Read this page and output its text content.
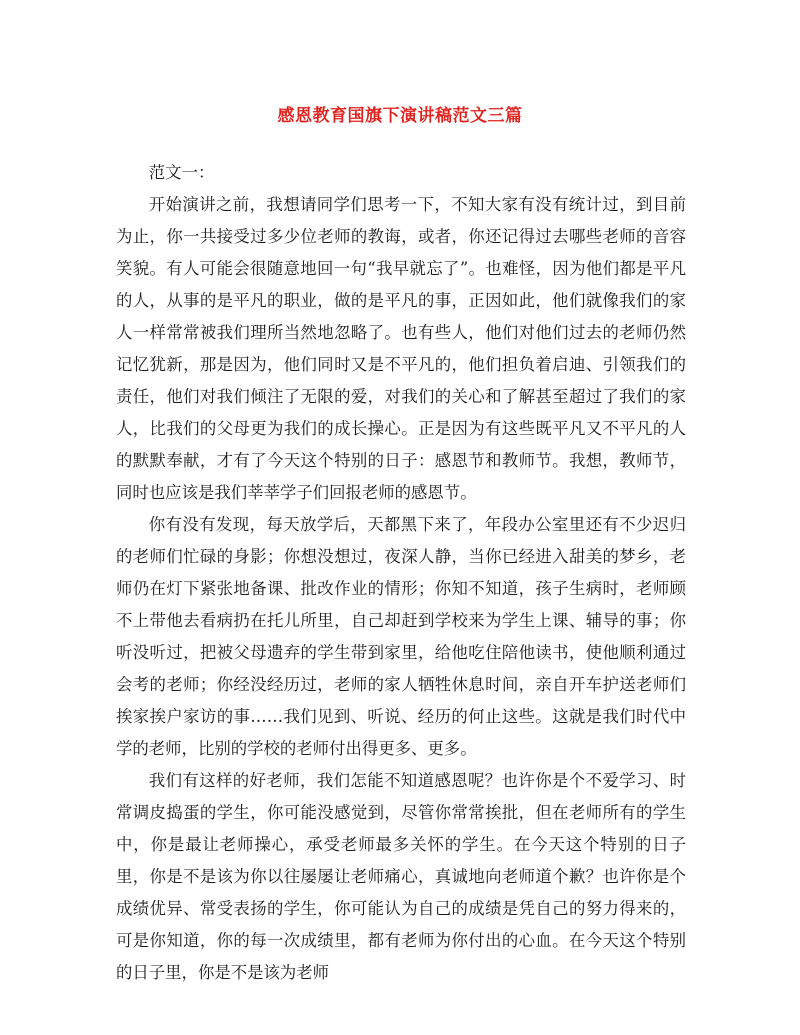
感恩教育国旗下演讲稿范文三篇

范文一：

开始演讲之前，我想请同学们思考一下，不知大家有没有统计过，到目前为止，你一共接受过多少位老师的教诲，或者，你还记得过去哪些老师的音容笑貌。有人可能会很随意地回一句“我早就忘了”。也难怪，因为他们都是平凡的人，从事的是平凡的职业，做的是平凡的事，正因如此，他们就像我们的家人一样常常被我们理所当然地忽略了。也有些人，他们对他们过去的老师仍然记忆犹新，那是因为，他们同时又是不平凡的，他们担负着启迪、引领我们的责任，他们对我们倾注了无限的爱，对我们的关心和了解甚至超过了我们的家人，比我们的父母更为我们的成长操心。正是因为有这些既平凡又不平凡的人的默默奉献，才有了今天这个特别的日子：感恩节和教师节。我想，教师节，同时也应该是我们莘莘学子们回报老师的感恩节。

你有没有发现，每天放学后，天都黑下来了，年段办公室里还有不少迟归的老师们忙碌的身影；你想没想过，夜深人静，当你已经进入甜美的梦乡，老师仍在灯下紧张地备课、批改作业的情形；你知不知道，孩子生病时，老师顾不上带他去看病扔在托儿所里，自己却赶到学校来为学生上课、辅导的事；你听没听过，把被父母遗弃的学生带到家里，给他吃住陪他读书，使他顺利通过会考的老师；你经没经历过，老师的家人牺牲休息时间，亲自开车护送老师们挨家挨户家访的事……我们见到、听说、经历的何止这些。这就是我们时代中学的老师，比别的学校的老师付出得更多、更多。

我们有这样的好老师，我们怎能不知道感恩呢？也许你是个不爱学习、时常调皮捣蛋的学生，你可能没感觉到，尽管你常常挨批，但在老师所有的学生中，你是最让老师操心，承受老师最多关怀的学生。在今天这个特别的日子里，你是不是该为你以往屡屡让老师痛心，真诚地向老师道个歉？也许你是个成绩优异、常受表扬的学生，你可能认为自己的成绩是凭自己的努力得来的，可是你知道，你的每一次成绩里，都有老师为你付出的心血。在今天这个特别的日子里，你是不是该为老师
